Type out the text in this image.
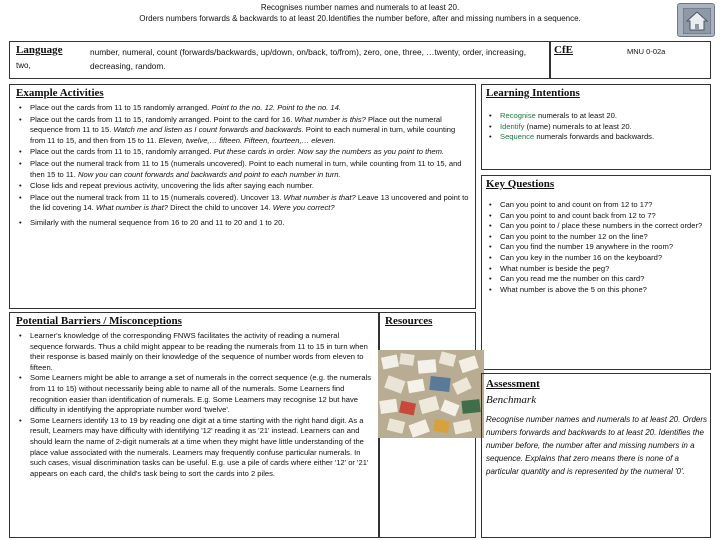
Recognises number names and numerals to at least 20.
Orders numbers forwards & backwards to at least 20.Identifies the number before, after and missing numbers in a sequence.
Language
two,
number, numeral, count (forwards/backwards, up/down, on/back, to/from), zero, one, three, …twenty, order, increasing, decreasing, random.
CfE	MNU 0-02a
Example Activities
• Place out the cards from 11 to 15 randomly arranged. Point to the no. 12. Point to the no. 14.
• Place out the cards from 11 to 15, randomly arranged. Point to the card for 16. What number is this? Place out the numeral sequence from 11 to 15. Watch me and listen as I count forwards and backwards. Point to each numeral in turn, while counting from 11 to 15, and then from 15 to 11. Eleven, twelve,… fifteen. Fifteen, fourteen,… eleven.
• Place out the cards from 11 to 15, randomly arranged. Put these cards in order. Now say the numbers as you point to them.
• Place out the numeral track from 11 to 15 (numerals uncovered). Point to each numeral in turn, while counting from 11 to 15, and then 15 to 11. Now you can count forwards and backwards and point to each number in turn.
• Close lids and repeat previous activity, uncovering the lids after saying each number.
• Place out the numeral track from 11 to 15 (numerals covered). Uncover 13. What number is that? Leave 13 uncovered and point to the lid covering 14. What number is that? Direct the child to uncover 14. Were you correct?
• Similarly with the numeral sequence from 16 to 20 and 11 to 20 and 1 to 20.
Learning Intentions
• Recognise numerals to at least 20.
• Identify (name) numerals to at least 20.
• Sequence numerals forwards and backwards.
Key Questions
• Can you point to and count on from 12 to 17?
• Can you point to and count back from 12 to 7?
• Can you point to / place these numbers in the correct order?
• Can you point to the number 12 on the line?
• Can you find the number 19 anywhere in the room?
• Can you key in the number 16 on the keyboard?
• What number is beside the peg?
• Can you read me the number on this card?
• What number is above the 5 on this phone?
Potential Barriers / Misconceptions
• Learner's knowledge of the corresponding FNWS facilitates the activity of reading a numeral sequence forwards. Thus a child might appear to be reading the numerals from 11 to 15 in turn when their response is based mainly on their knowledge of the sequence of number words from eleven to fifteen.
• Some Learners might be able to arrange a set of numerals in the correct sequence (e.g. the numerals from 11 to 15) without necessarily being able to name all of the numerals. Some Learners find recognition easier than identification of numerals. E.g. Some Learners may recognise 12 but have difficulty in identifying the appropriate number word 'twelve'.
• Some Learners identify 13 to 19 by reading one digit at a time starting with the right hand digit. As a result, Learners may have difficulty with identifying '12' reading it as '21' instead. Learners can and should learn the name of 2-digit numerals at a time when they might have little understanding of the place value associated with the numerals. Learners may frequently confuse particular numerals. In such cases, visual discrimination tasks can be useful. E.g. use a pile of cards where either '12' or '21' appears on each card, the child's task being to sort the cards into 2 piles.
Resources
Assessment
Benchmark
Recognise number names and numerals to at least 20. Orders numbers forwards and backwards to at least 20. Identifies the number before, the number after and missing numbers in a sequence. Explains that zero means there is none of a particular quantity and is represented by the numeral '0'.
